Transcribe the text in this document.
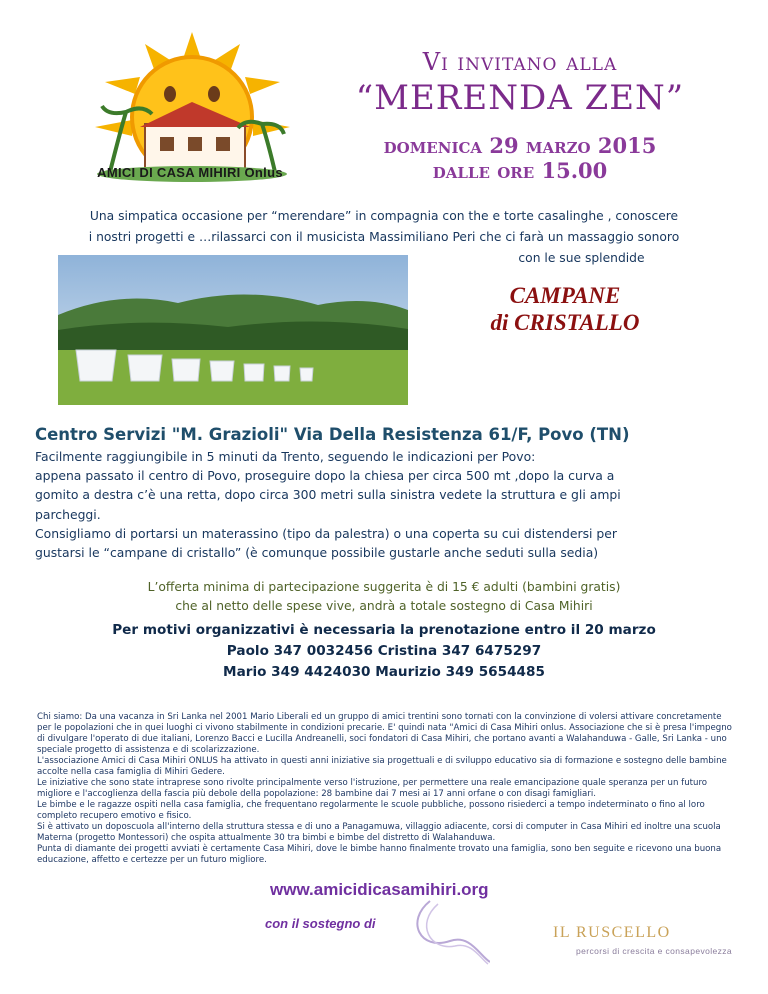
AMICI DI CASA MIHIRI Onlus
Vi invitano alla
“MERENDA ZEN”
domenica 29 marzo 2015
dalle ore 15.00
Una simpatica occasione per “merendare” in compagnia con the e torte casalinghe , conoscere
i nostri progetti e …rilassarci con il musicista Massimiliano Peri che ci farà un massaggio sonoro
con le sue splendide
CAMPANE
di CRISTALLO
Centro Servizi "M. Grazioli" Via Della Resistenza 61/F, Povo (TN)
Facilmente raggiungibile in 5 minuti da Trento, seguendo le indicazioni per Povo:
appena passato il centro di Povo, proseguire dopo la chiesa per circa 500 mt ,dopo la curva a
gomito a destra c’è una retta, dopo circa 300 metri sulla sinistra vedete la struttura e gli ampi
parcheggi.
Consigliamo di portarsi un materassino (tipo da palestra) o una coperta su cui distendersi per
gustarsi le “campane di cristallo” (è comunque possibile gustarle anche seduti sulla sedia)
L’offerta minima di partecipazione suggerita è di 15 € adulti (bambini gratis)
che al netto delle spese vive, andrà a totale sostegno di Casa Mihiri
Per motivi organizzativi è necessaria la prenotazione entro il 20 marzo
Paolo 347 0032456 Cristina 347 6475297
Mario 349 4424030 Maurizio 349 5654485

Chi siamo: Da una vacanza in Sri Lanka nel 2001 Mario Liberali ed un gruppo di amici trentini sono tornati con la convinzione di volersi attivare concretamente per le popolazioni che in quei luoghi ci vivono stabilmente in condizioni precarie. E' quindi nata "Amici di Casa Mihiri onlus. Associazione che si è presa l'impegno di divulgare l'operato di due italiani, Lorenzo Bacci e Lucilla Andreanelli, soci fondatori di Casa Mihiri, che portano avanti a Walahanduwa - Galle, Sri Lanka - uno speciale progetto di assistenza e di scolarizzazione.

L'associazione Amici di Casa Mihiri ONLUS ha attivato in questi anni iniziative sia progettuali e di sviluppo educativo sia di formazione e sostegno delle bambine accolte nella casa famiglia di Mihiri Gedere.

Le iniziative che sono state intraprese sono rivolte principalmente verso l'istruzione, per permettere una reale emancipazione quale speranza per un futuro migliore e l'accoglienza della fascia più debole della popolazione: 28 bambine dai 7 mesi ai 17 anni orfane o con disagi famigliari.

Le bimbe e le ragazze ospiti nella casa famiglia, che frequentano regolarmente le scuole pubbliche, possono risiederci a tempo indeterminato o fino al loro completo recupero emotivo e fisico.

Si è attivato un doposcuola all'interno della struttura stessa e di uno a Panagamuwa, villaggio adiacente, corsi di computer in Casa Mihiri ed inoltre una scuola Materna (progetto Montessori) che ospita attualmente 30 tra bimbi e bimbe del distretto di Walahanduwa.

Punta di diamante dei progetti avviati è certamente Casa Mihiri, dove le bimbe hanno finalmente trovato una famiglia, sono ben seguite e ricevono una buona educazione, affetto e certezze per un futuro migliore.

www.amicidicasamihiri.org
con il sostegno di
IL RUSCELLO
percorsi di crescita e consapevolezza
